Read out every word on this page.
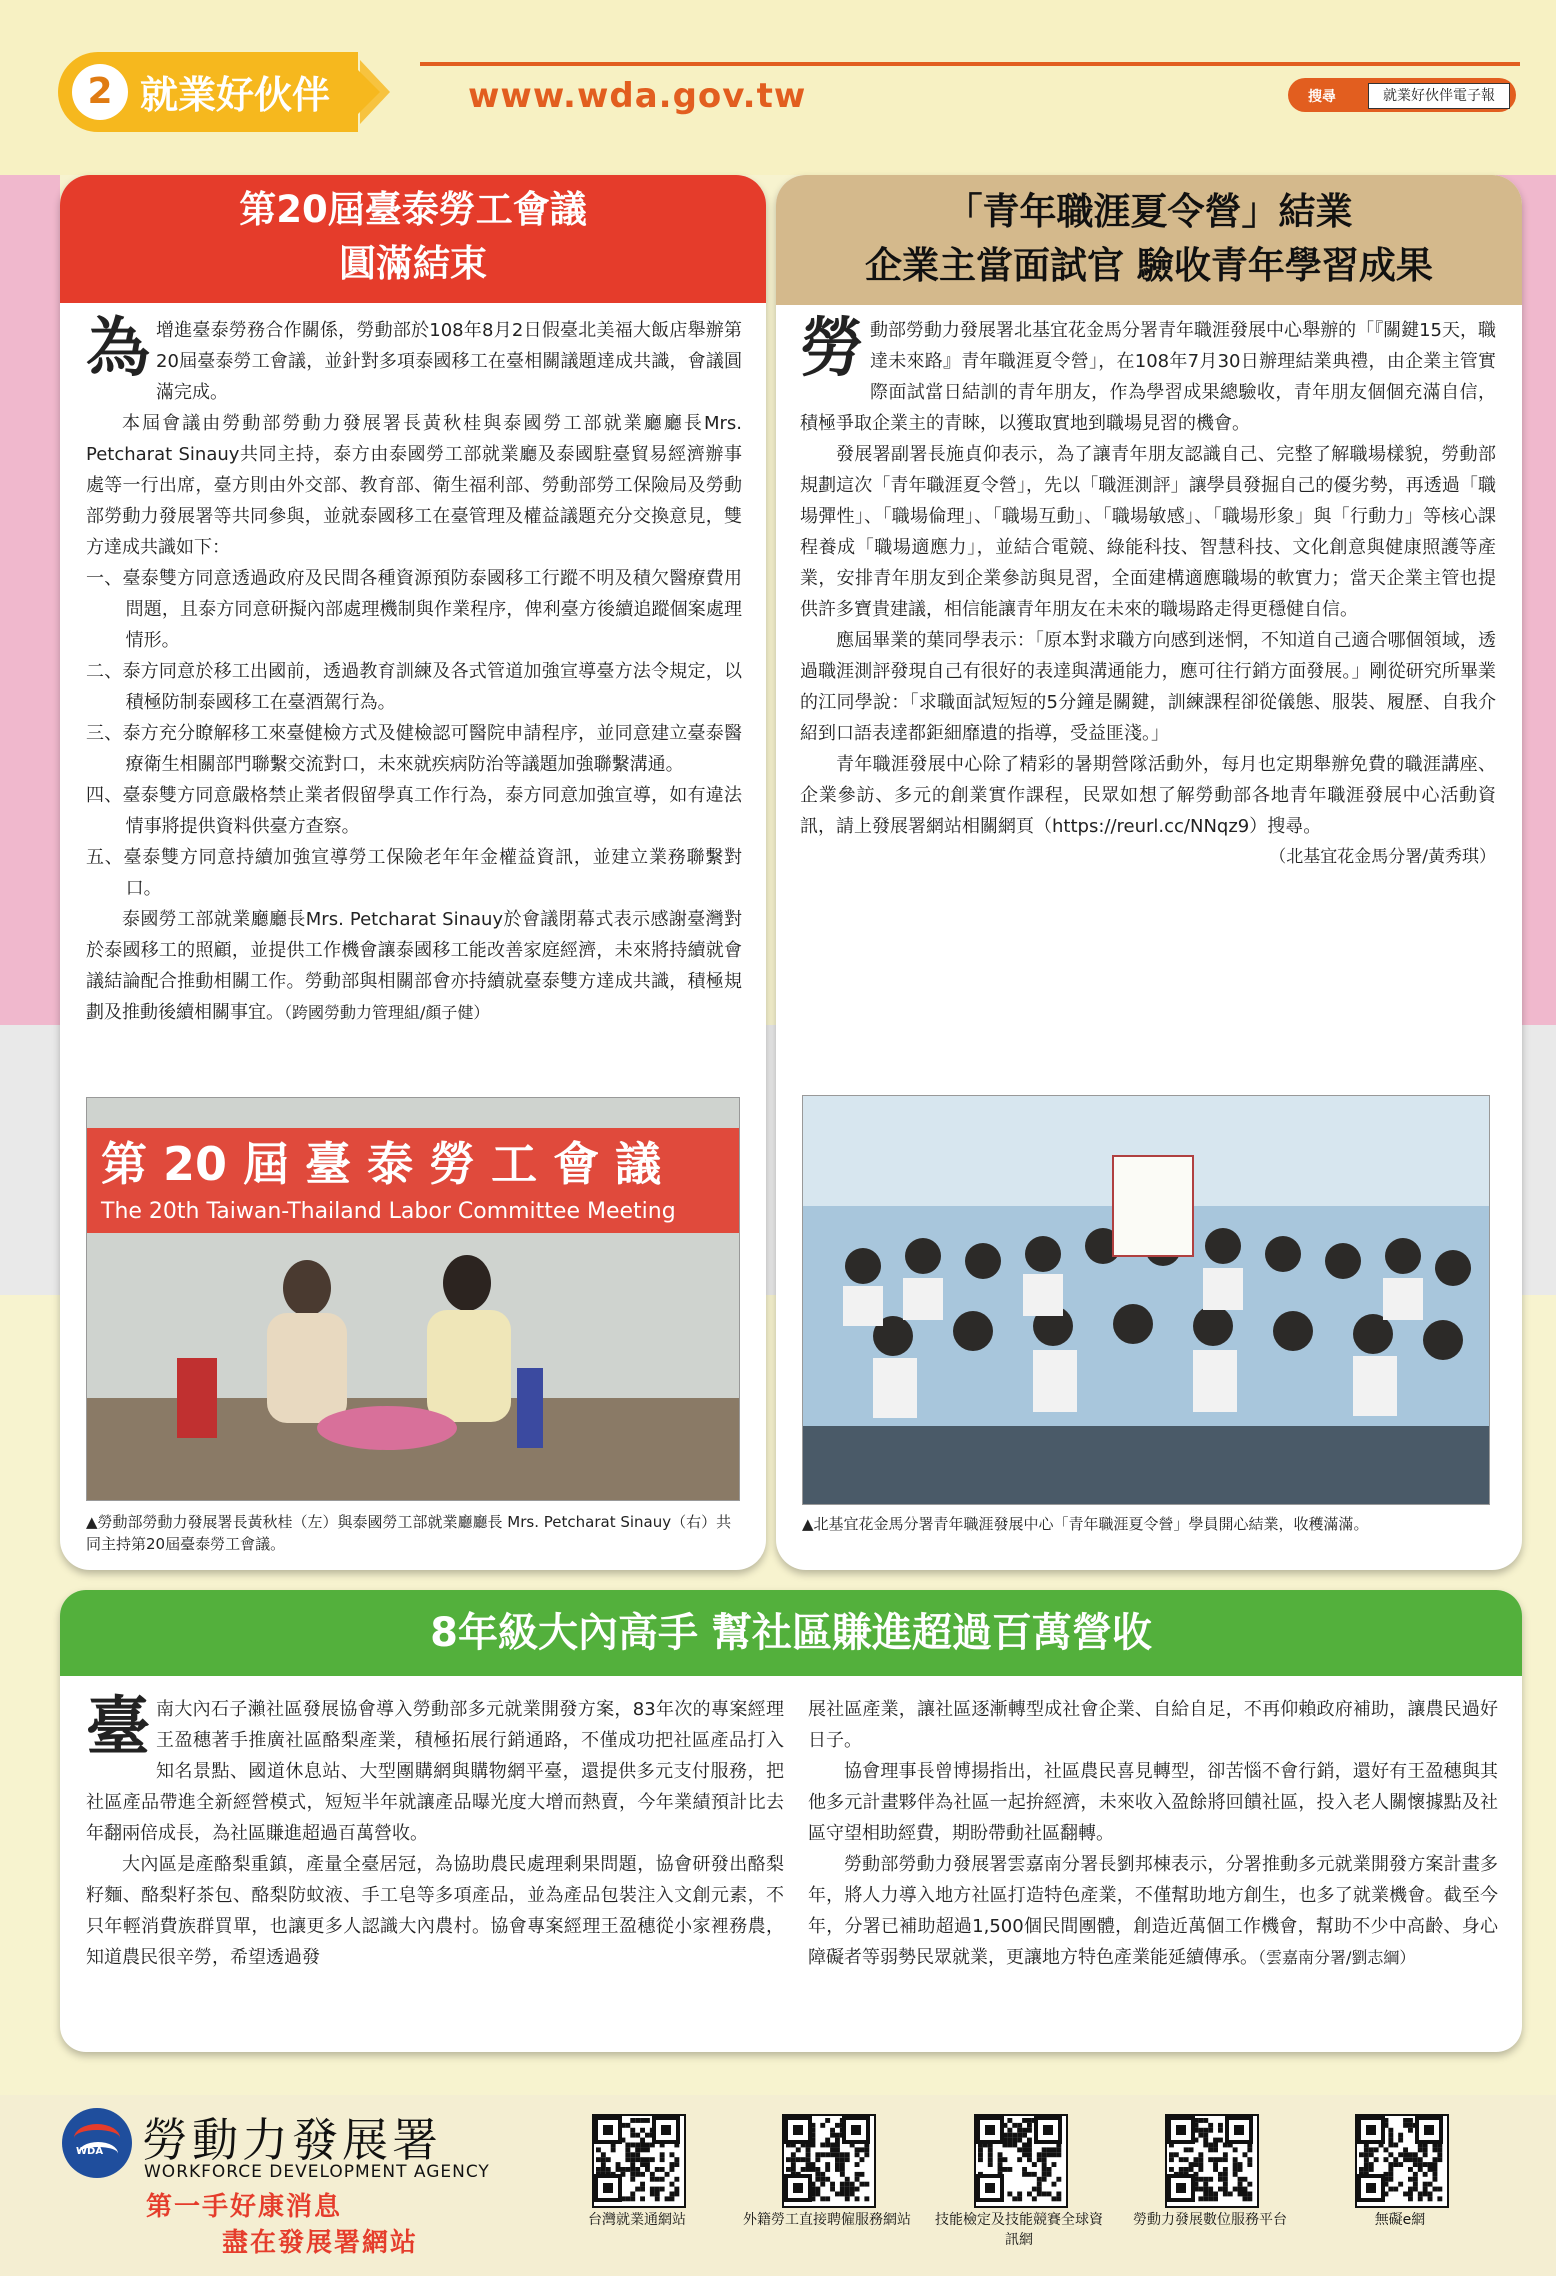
2 就業好伙伴	www.wda.gov.tw	搜尋	就業好伙伴電子報
第20屆臺泰勞工會議
圓滿結束

為增進臺泰勞務合作關係，勞動部於108年8月2日假臺北美福大飯店舉辦第20屆臺泰勞工會議，並針對多項泰國移工在臺相關議題達成共識，會議圓滿完成。

本屆會議由勞動部勞動力發展署長黃秋桂與泰國勞工部就業廳廳長Mrs. Petcharat Sinauy共同主持，泰方由泰國勞工部就業廳及泰國駐臺貿易經濟辦事處等一行出席，臺方則由外交部、教育部、衛生福利部、勞動部勞工保險局及勞動部勞動力發展署等共同參與，並就泰國移工在臺管理及權益議題充分交換意見，雙方達成共識如下：

一、臺泰雙方同意透過政府及民間各種資源預防泰國移工行蹤不明及積欠醫療費用問題，且泰方同意研擬內部處理機制與作業程序，俾利臺方後續追蹤個案處理情形。

二、泰方同意於移工出國前，透過教育訓練及各式管道加強宣導臺方法令規定，以積極防制泰國移工在臺酒駕行為。

三、泰方充分瞭解移工來臺健檢方式及健檢認可醫院申請程序，並同意建立臺泰醫療衛生相關部門聯繫交流對口，未來就疾病防治等議題加強聯繫溝通。

四、臺泰雙方同意嚴格禁止業者假留學真工作行為，泰方同意加強宣導，如有違法情事將提供資料供臺方查察。

五、臺泰雙方同意持續加強宣導勞工保險老年年金權益資訊，並建立業務聯繫對口。

泰國勞工部就業廳廳長Mrs. Petcharat Sinauy於會議閉幕式表示感謝臺灣對於泰國移工的照顧，並提供工作機會讓泰國移工能改善家庭經濟，未來將持續就會議結論配合推動相關工作。勞動部與相關部會亦持續就臺泰雙方達成共識，積極規劃及推動後續相關事宜。（跨國勞動力管理組/顏子健）

第 20 屆 臺 泰 勞 工 會 議
The 20th Taiwan-Thailand Labor Committee Meeting
▲勞動部勞動力發展署長黃秋桂（左）與泰國勞工部就業廳廳長 Mrs. Petcharat Sinauy（右）共同主持第20屆臺泰勞工會議。
「青年職涯夏令營」結業
企業主當面試官 驗收青年學習成果

勞動部勞動力發展署北基宜花金馬分署青年職涯發展中心舉辦的「『關鍵15天，職達未來路』青年職涯夏令營」，在108年7月30日辦理結業典禮，由企業主管實際面試當日結訓的青年朋友，作為學習成果總驗收，青年朋友個個充滿自信，積極爭取企業主的青睞，以獲取實地到職場見習的機會。

發展署副署長施貞仰表示，為了讓青年朋友認識自己、完整了解職場樣貌，勞動部規劃這次「青年職涯夏令營」，先以「職涯測評」讓學員發掘自己的優劣勢，再透過「職場彈性」、「職場倫理」、「職場互動」、「職場敏感」、「職場形象」與「行動力」等核心課程養成「職場適應力」，並結合電競、綠能科技、智慧科技、文化創意與健康照護等產業，安排青年朋友到企業參訪與見習，全面建構適應職場的軟實力；當天企業主管也提供許多寶貴建議，相信能讓青年朋友在未來的職場路走得更穩健自信。

應屆畢業的葉同學表示：「原本對求職方向感到迷惘，不知道自己適合哪個領域，透過職涯測評發現自己有很好的表達與溝通能力，應可往行銷方面發展。」剛從研究所畢業的江同學說：「求職面試短短的5分鐘是關鍵，訓練課程卻從儀態、服裝、履歷、自我介紹到口語表達都鉅細靡遺的指導，受益匪淺。」

青年職涯發展中心除了精彩的暑期營隊活動外，每月也定期舉辦免費的職涯講座、企業參訪、多元的創業實作課程，民眾如想了解勞動部各地青年職涯發展中心活動資訊，請上發展署網站相關網頁（https://reurl.cc/NNqz9）搜尋。

（北基宜花金馬分署/黃秀琪）

▲北基宜花金馬分署青年職涯發展中心「青年職涯夏令營」學員開心結業，收穫滿滿。
8年級大內高手 幫社區賺進超過百萬營收

臺南大內石子瀨社區發展協會導入勞動部多元就業開發方案，83年次的專案經理王盈穗著手推廣社區酪梨產業，積極拓展行銷通路，不僅成功把社區產品打入知名景點、國道休息站、大型團購網與購物網平臺，還提供多元支付服務，把社區產品帶進全新經營模式，短短半年就讓產品曝光度大增而熱賣，今年業績預計比去年翻兩倍成長，為社區賺進超過百萬營收。

大內區是產酪梨重鎮，產量全臺居冠，為協助農民處理剩果問題，協會研發出酪梨籽麵、酪梨籽茶包、酪梨防蚊液、手工皂等多項產品，並為產品包裝注入文創元素，不只年輕消費族群買單，也讓更多人認識大內農村。協會專案經理王盈穗從小家裡務農，知道農民很辛勞，希望透過發

展社區產業，讓社區逐漸轉型成社會企業、自給自足，不再仰賴政府補助，讓農民過好日子。

協會理事長曾博揚指出，社區農民喜見轉型，卻苦惱不會行銷，還好有王盈穗與其他多元計畫夥伴為社區一起拚經濟，未來收入盈餘將回饋社區，投入老人關懷據點及社區守望相助經費，期盼帶動社區翻轉。

勞動部勞動力發展署雲嘉南分署長劉邦棟表示，分署推動多元就業開發方案計畫多年，將人力導入地方社區打造特色產業，不僅幫助地方創生，也多了就業機會。截至今年，分署已補助超過1,500個民間團體，創造近萬個工作機會，幫助不少中高齡、身心障礙者等弱勢民眾就業，更讓地方特色產業能延續傳承。（雲嘉南分署/劉志綱）

WDA 勞動力發展署
WORKFORCE DEVELOPMENT AGENCY
第一手好康消息
盡在發展署網站
台灣就業通網站	外籍勞工直接聘僱服務網站 技能檢定及技能競賽全球資訊網
勞動力發展數位服務平台	無礙e網
